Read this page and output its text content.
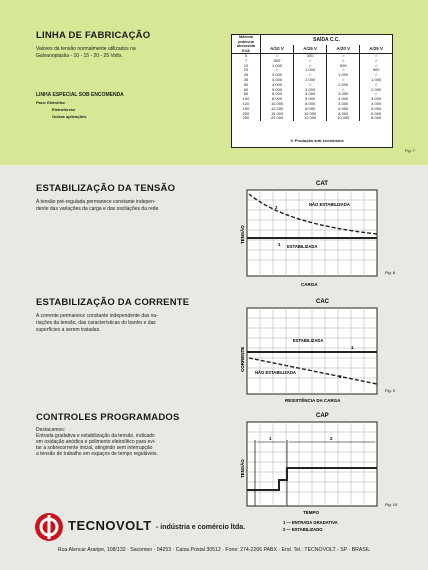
LINHA DE FABRICAÇÃO
Valores da tensão normalmente utilizados na
Galvanoplastia - 10 - 15 - 20 - 25 Volts.
LINHA ESPECIAL SOB ENCOMENDA
Para: Eletrólise
Eletroforese
Outras aplicações
Máxima
potência
absorvida
KVA	SAÍDA C.C.			
	A/10 V	A/15 V	A/20 V	A/25 V
5	☆	300	☆	☆
7	500	☆	☆	☆
10	1.000	☆	500	☆
20	☆	1.000	☆	500
25	2.000	☆	1.000	☆
35	3.000	2.000	☆	1.000
50	4.000	☆	2.000	☆
60	5.000	3.000	☆	2.000
80	6.000	4.000	3.000	☆
100	8.000	5.000	4.000	3.000
120	10.000	6.000	5.000	4.000
150	12.000	8.000	6.000	5.000
200	15.000	10.000	8.000	6.000
250	20.000	12.000	10.000	8.000
☆ Produção anti-econômica
Fig. 7
ESTABILIZAÇÃO DA TENSÃO
A tensão pré-regulada permanece constante indepen-
dente das variações da carga e das oscilações da rede.
CAT
2
NÃO ESTABILIZADA
1 ESTABILIZADA
TENSÃO
CARGA
Fig. 8
ESTABILIZAÇÃO DA CORRENTE
A corrente permanece constante independente das va-
riações da tensão, das características do banho e das
superfícies a serem tratadas.
CAC
ESTABILIZADA
1
NÃO ESTABILIZADA
2
CORRENTE
RESISTÊNCIA DA CARGA
Fig. 9
CONTROLES PROGRAMADOS
Destacamos:
Entrada gradativa e estabilização da tensão, indicado
em oxidação anódica e polimento eletrolítico para evi-
tar a sobrecorrente inicial, atingindo sem interrupção
a tensão de trabalho em espaços de tempo reguláveis.
CAP
1	2
TENSÃO
TEMPO
1 — ENTRADA GRADATIVA
2 — ESTABILIZADO
Fig. 10
TECNOVOLT - indústria e comércio ltda.
Rua Alencar Araripe, 108/132 · Sacomen · 04253 · Caixa Postal 30512 · Fone: 274-2266 PABX · End. Tel.: TECNOVOLT - SP · BRASIL
